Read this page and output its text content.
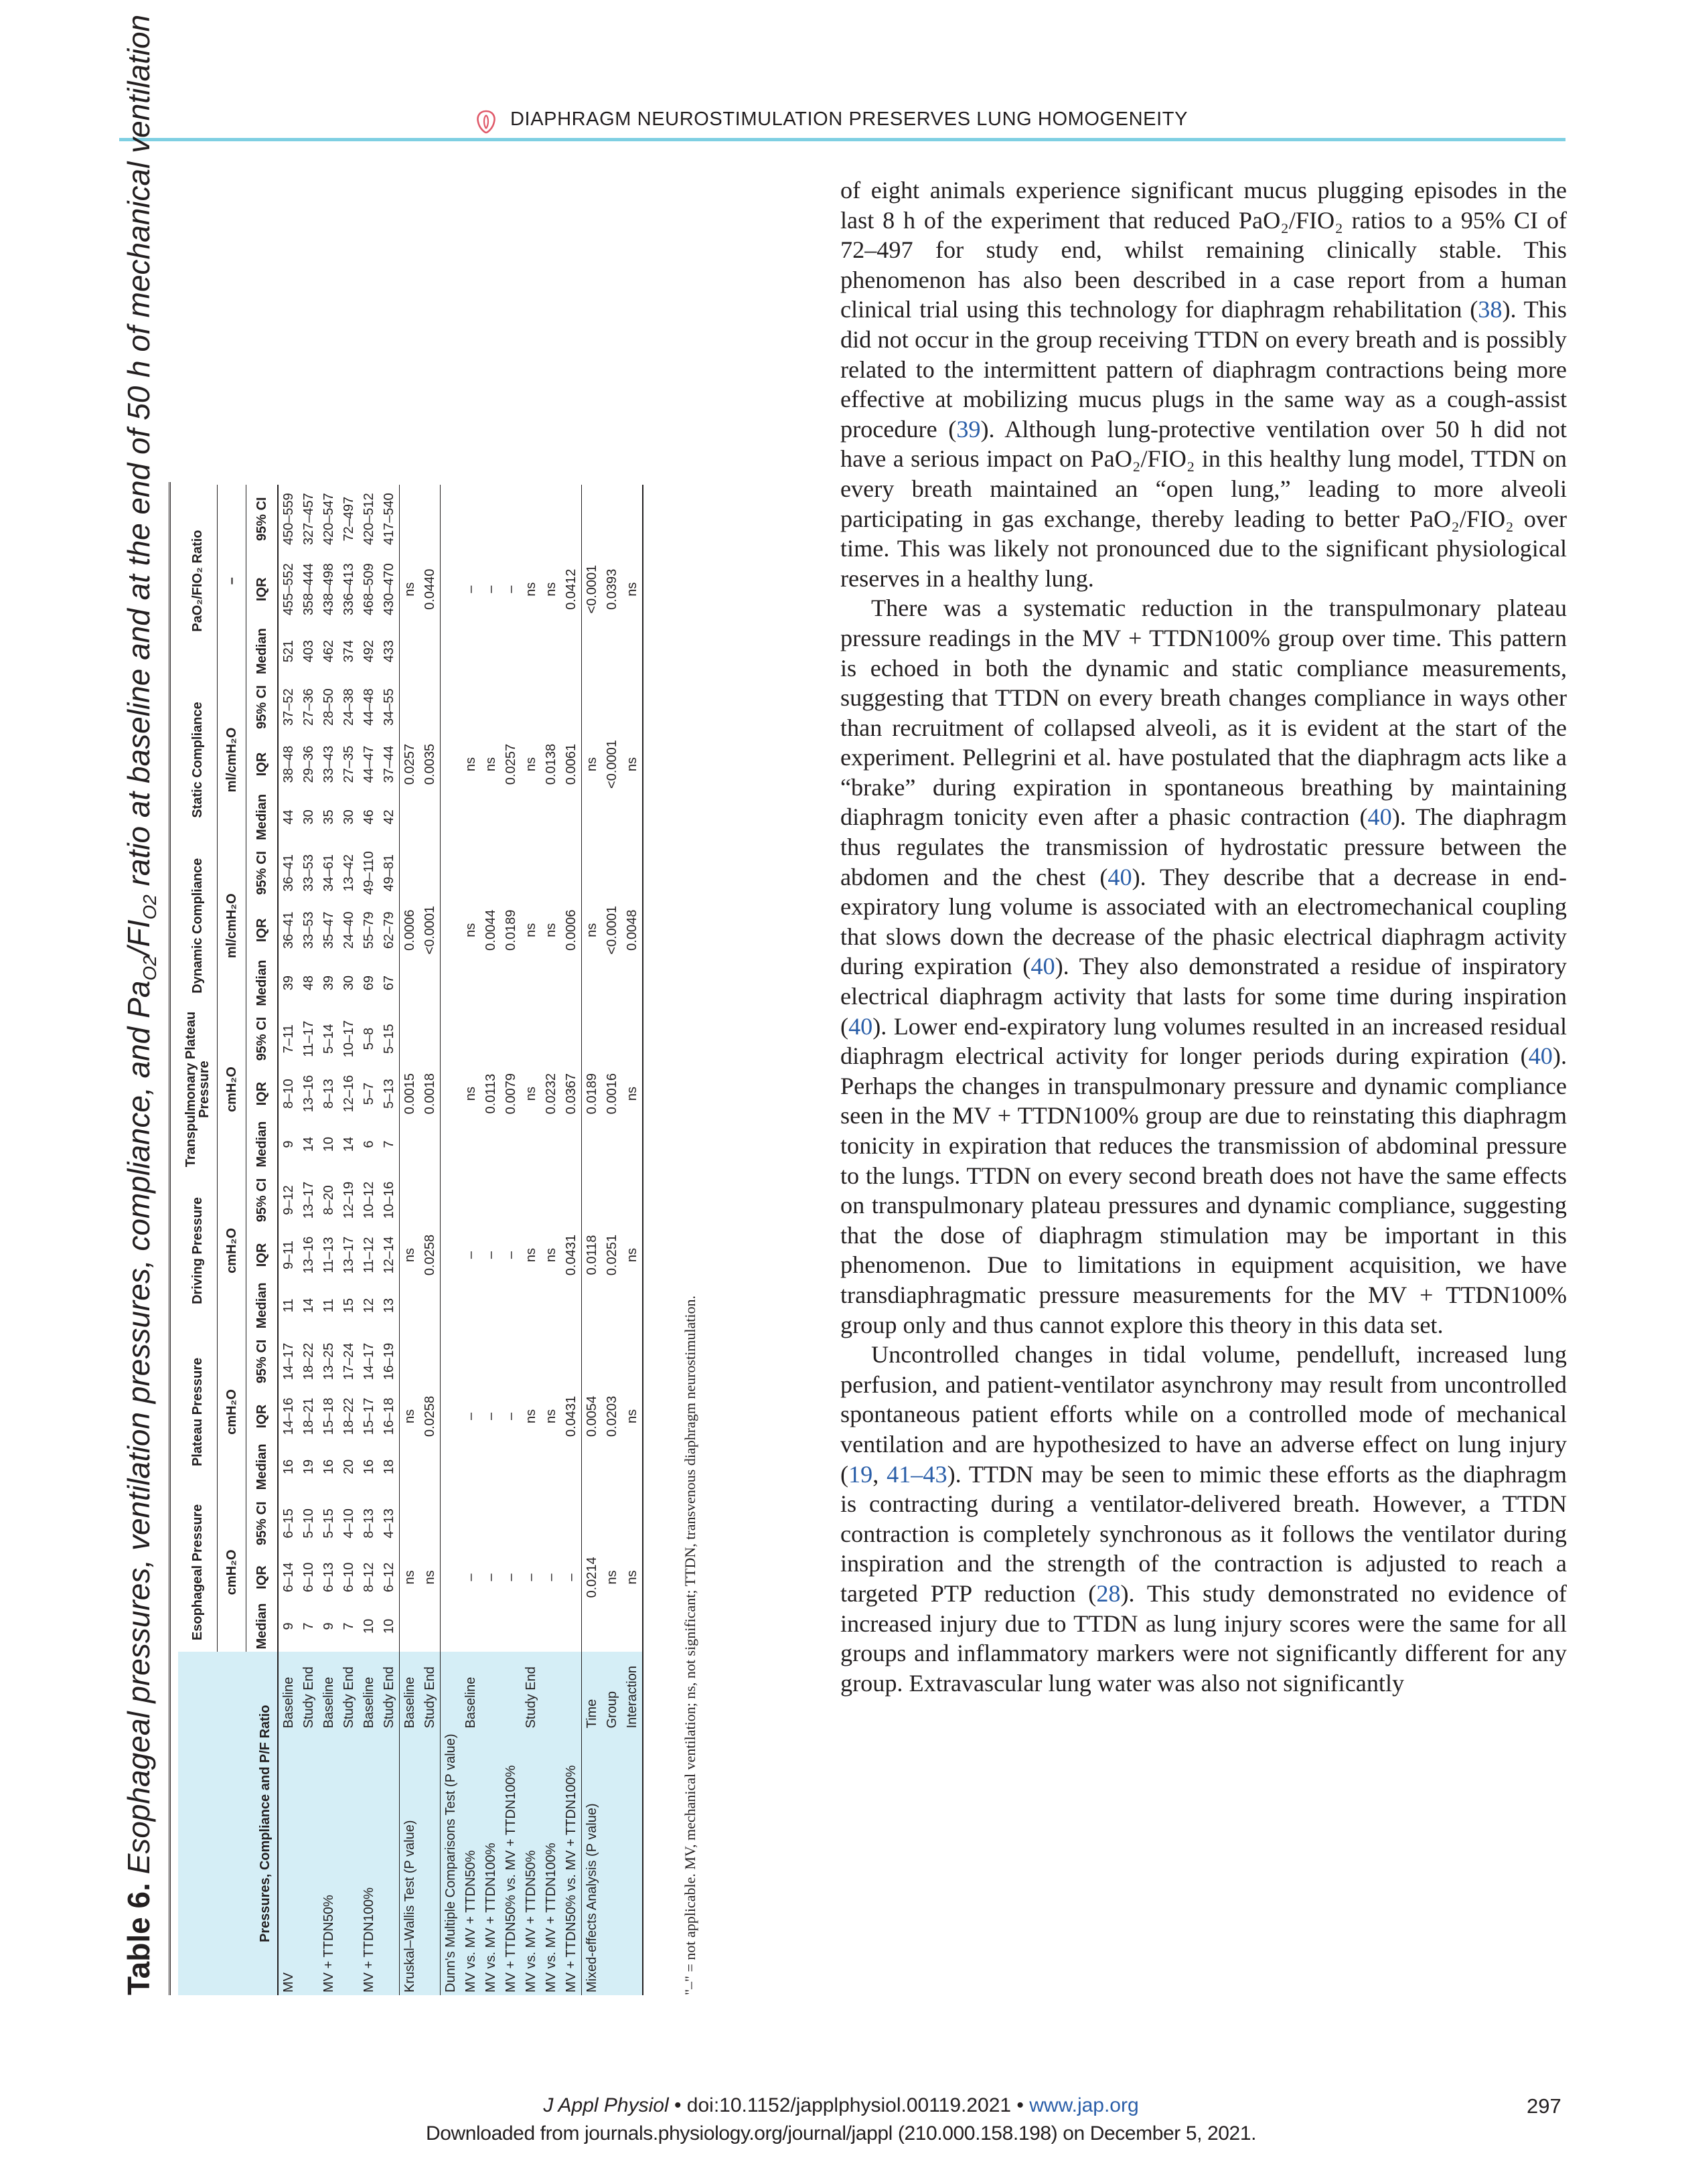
DIAPHRAGM NEUROSTIMULATION PRESERVES LUNG HOMOGENEITY
Table 6. Esophageal pressures, ventilation pressures, compliance, and $Pa_{O2}/FI_{O2}$ ratio at baseline and at the end of 50 h of mechanical ventilation
Pressures, Compliance and P/F Ratio		Esophageal Pressure			Plateau Pressure			Driving Pressure			Transpulmonary Plateau Pressure			Dynamic Compliance			Static Compliance			PaO₂/FIO₂ Ratio		
		cmH₂O			cmH₂O			cmH₂O			cmH₂O			ml/cmH₂O			ml/cmH₂O			–		
		Median	IQR	95% CI	Median	IQR	95% CI	Median	IQR	95% CI	Median	IQR	95% CI	Median	IQR	95% CI	Median	IQR	95% CI	Median	IQR	95% CI
MV	Baseline	9	6–14	6–15	16	14–16	14–17	11	9–11	9–12	9	8–10	7–11	39	36–41	36–41	44	38–48	37–52	521	455–552	450–559
	Study End	7	6–10	5–10	19	18–21	18–22	14	13–16	13–17	14	13–16	11–17	48	33–53	33–53	30	29–36	27–36	403	358–444	327–457
MV + TTDN50%	Baseline	9	6–13	5–15	16	15–18	13–25	11	11–13	8–20	10	8–13	5–14	39	35–47	34–61	35	33–43	28–50	462	438–498	420–547
	Study End	7	6–10	4–10	20	18–22	17–24	15	13–17	12–19	14	12–16	10–17	30	24–40	13–42	30	27–35	24–38	374	336–413	72–497
MV + TTDN100%	Baseline	10	8–12	8–13	16	15–17	14–17	12	11–12	10–12	6	5–7	5–8	69	55–79	49–110	46	44–47	44–48	492	468–509	420–512
	Study End	10	6–12	4–13	18	16–18	16–19	13	12–14	10–16	7	5–13	5–15	67	62–79	49–81	42	37–44	34–55	433	430–470	417–540
Kruskal–Wallis Test (P value)	Baseline		ns			ns			ns			0.0015			0.0006			0.0257			ns	
	Study End		ns			0.0258			0.0258			0.0018			<0.0001			0.0035			0.0440	
Dunn's Multiple Comparisons Test (P value)																						
MV vs. MV + TTDN50%	Baseline		–			–			–			ns			ns			ns			–	
MV vs. MV + TTDN100%			–			–			–			0.0113			0.0044			ns			–	
MV + TTDN50% vs. MV + TTDN100%			–			–			–			0.0079			0.0189			0.0257			–	
MV vs. MV + TTDN50%	Study End		–			ns			ns			ns			ns			ns			ns	
MV vs. MV + TTDN100%			–			ns			ns			0.0232			ns			0.0138			ns	
MV + TTDN50% vs. MV + TTDN100%			–			0.0431			0.0431			0.0367			0.0006			0.0061			0.0412	
Mixed-effects Analysis (P value)	Time		0.0214			0.0054			0.0118			0.0189			ns			ns			<0.0001	
	Group		ns			0.0203			0.0251			0.0016			<0.0001			<0.0001			0.0393	
	Interaction		ns			ns			ns			ns			0.0048			ns			ns	
"–" = not applicable. MV, mechanical ventilation; ns, not significant; TTDN, transvenous diaphragm neurostimulation.

of eight animals experience significant mucus plugging episodes in the last 8 h of the experiment that reduced PaO₂/FIO₂ ratios to a 95% CI of 72–497 for study end, whilst remaining clinically stable. This phenomenon has also been described in a case report from a human clinical trial using this technology for diaphragm rehabilitation (38). This did not occur in the group receiving TTDN on every breath and is possibly related to the intermittent pattern of diaphragm contractions being more effective at mobilizing mucus plugs in the same way as a cough-assist procedure (39). Although lung-protective ventilation over 50 h did not have a serious impact on PaO₂/FIO₂ in this healthy lung model, TTDN on every breath maintained an “open lung,” leading to more alveoli participating in gas exchange, thereby leading to better PaO₂/FIO₂ over time. This was likely not pronounced due to the significant physiological reserves in a healthy lung.

There was a systematic reduction in the transpulmonary plateau pressure readings in the MV + TTDN100% group over time. This pattern is echoed in both the dynamic and static compliance measurements, suggesting that TTDN on every breath changes compliance in ways other than recruitment of collapsed alveoli, as it is evident at the start of the experiment. Pellegrini et al. have postulated that the diaphragm acts like a “brake” during expiration in spontaneous breathing by maintaining diaphragm tonicity even after a phasic contraction (40). The diaphragm thus regulates the transmission of hydrostatic pressure between the abdomen and the chest (40). They describe that a decrease in end-expiratory lung volume is associated with an electromechanical coupling that slows down the decrease of the phasic electrical diaphragm activity during expiration (40). They also demonstrated a residue of inspiratory electrical diaphragm activity that lasts for some time during inspiration (40). Lower end-expiratory lung volumes resulted in an increased residual diaphragm electrical activity for longer periods during expiration (40). Perhaps the changes in transpulmonary pressure and dynamic compliance seen in the MV + TTDN100% group are due to reinstating this diaphragm tonicity in expiration that reduces the transmission of abdominal pressure to the lungs. TTDN on every second breath does not have the same effects on transpulmonary plateau pressures and dynamic compliance, suggesting that the dose of diaphragm stimulation may be important in this phenomenon. Due to limitations in equipment acquisition, we have transdiaphragmatic pressure measurements for the MV + TTDN100% group only and thus cannot explore this theory in this data set.

Uncontrolled changes in tidal volume, pendelluft, increased lung perfusion, and patient-ventilator asynchrony may result from uncontrolled spontaneous patient efforts while on a controlled mode of mechanical ventilation and are hypothesized to have an adverse effect on lung injury (19, 41–43). TTDN may be seen to mimic these efforts as the diaphragm is contracting during a ventilator-delivered breath. However, a TTDN contraction is completely synchronous as it follows the ventilator during inspiration and the strength of the contraction is adjusted to reach a targeted PTP reduction (28). This study demonstrated no evidence of increased injury due to TTDN as lung injury scores were the same for all groups and inflammatory markers were not significantly different for any group. Extravascular lung water was also not significantly

J Appl Physiol • doi:10.1152/japplphysiol.00119.2021 • www.jap.org	297
Downloaded from journals.physiology.org/journal/jappl (210.000.158.198) on December 5, 2021.
